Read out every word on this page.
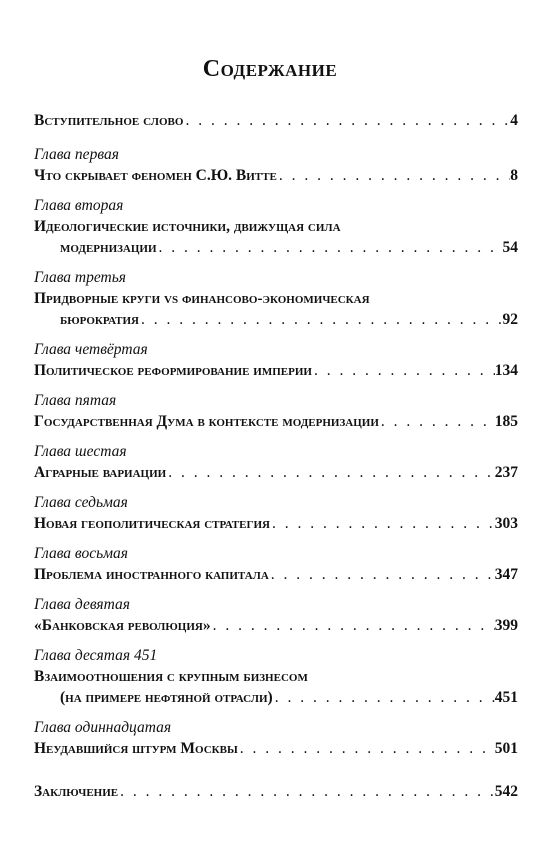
Содержание
Вступительное слово . . .	4
Глава первая
Что скрывает феномен С.Ю. Витте . . .	8
Глава вторая
Идеологические источники, движущая сила
модернизации . . .	54
Глава третья
Придворные круги vs финансово-экономическая
бюрократия . . .	92
Глава четвёртая
Политическое реформирование империи . . .	134
Глава пятая
Государственная Дума в контексте модернизации . . .	185
Глава шестая
Аграрные вариации . . .	237
Глава седьмая
Новая геополитическая стратегия . . .	303
Глава восьмая
Проблема иностранного капитала . . .	347
Глава девятая
«Банковская революция» . . .	399
Глава десятая 451
Взаимоотношения с крупным бизнесом
(на примере нефтяной отрасли) . . .	451
Глава одиннадцатая
Неудавшийся штурм Москвы . . .	501
Заключение . . .	542
